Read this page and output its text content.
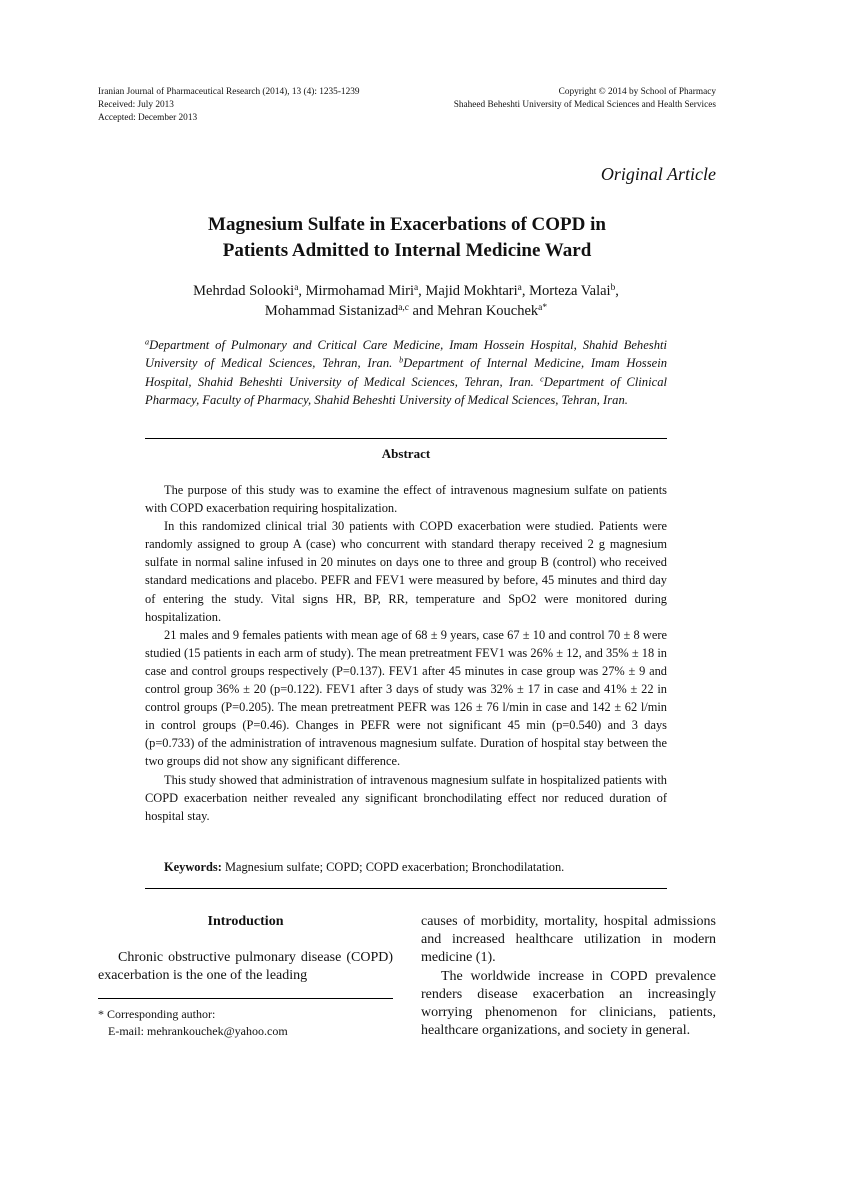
Iranian Journal of Pharmaceutical Research (2014), 13 (4): 1235-1239
Received: July 2013
Accepted: December 2013
Copyright © 2014 by School of Pharmacy
Shaheed Beheshti University of Medical Sciences and Health Services
Original Article
Magnesium Sulfate in Exacerbations of COPD in
Patients Admitted to Internal Medicine Ward
Mehrdad Solooki$^a$, Mirmohamad Miri$^a$, Majid Mokhtari$^a$, Morteza Valai$^b$,
Mohammad Sistanizad$^{a,c}$ and Mehran Kouchek$^{a*}$
$^a$Department of Pulmonary and Critical Care Medicine, Imam Hossein Hospital, Shahid Beheshti University of Medical Sciences, Tehran, Iran. $^b$Department of Internal Medicine, Imam Hossein Hospital, Shahid Beheshti University of Medical Sciences, Tehran, Iran. $^c$Department of Clinical Pharmacy, Faculty of Pharmacy, Shahid Beheshti University of Medical Sciences, Tehran, Iran.
Abstract

The purpose of this study was to examine the effect of intravenous magnesium sulfate on patients with COPD exacerbation requiring hospitalization.

In this randomized clinical trial 30 patients with COPD exacerbation were studied. Patients were randomly assigned to group A (case) who concurrent with standard therapy received 2 g magnesium sulfate in normal saline infused in 20 minutes on days one to three and group B (control) who received standard medications and placebo. PEFR and FEV1 were measured by before, 45 minutes and third day of entering the study. Vital signs HR, BP, RR, temperature and SpO2 were monitored during hospitalization.

21 males and 9 females patients with mean age of 68 ± 9 years, case 67 ± 10 and control 70 ± 8 were studied (15 patients in each arm of study). The mean pretreatment FEV1 was 26% ± 12, and 35% ± 18 in case and control groups respectively (P=0.137). FEV1 after 45 minutes in case group was 27% ± 9 and control group 36% ± 20 (p=0.122). FEV1 after 3 days of study was 32% ± 17 in case and 41% ± 22 in control groups (P=0.205). The mean pretreatment PEFR was 126 ± 76 l/min in case and 142 ± 62 l/min in control groups (P=0.46). Changes in PEFR were not significant 45 min (p=0.540) and 3 days (p=0.733) of the administration of intravenous magnesium sulfate. Duration of hospital stay between the two groups did not show any significant difference.

This study showed that administration of intravenous magnesium sulfate in hospitalized patients with COPD exacerbation neither revealed any significant bronchodilating effect nor reduced duration of hospital stay.

Keywords: Magnesium sulfate; COPD; COPD exacerbation; Bronchodilatation.
Introduction

Chronic obstructive pulmonary disease (COPD) exacerbation is the one of the leading

* Corresponding author:
E-mail: mehrankouchek@yahoo.com

causes of morbidity, mortality, hospital admissions and increased healthcare utilization in modern medicine (1).

The worldwide increase in COPD prevalence renders disease exacerbation an increasingly worrying phenomenon for clinicians, patients, healthcare organizations, and society in general.
